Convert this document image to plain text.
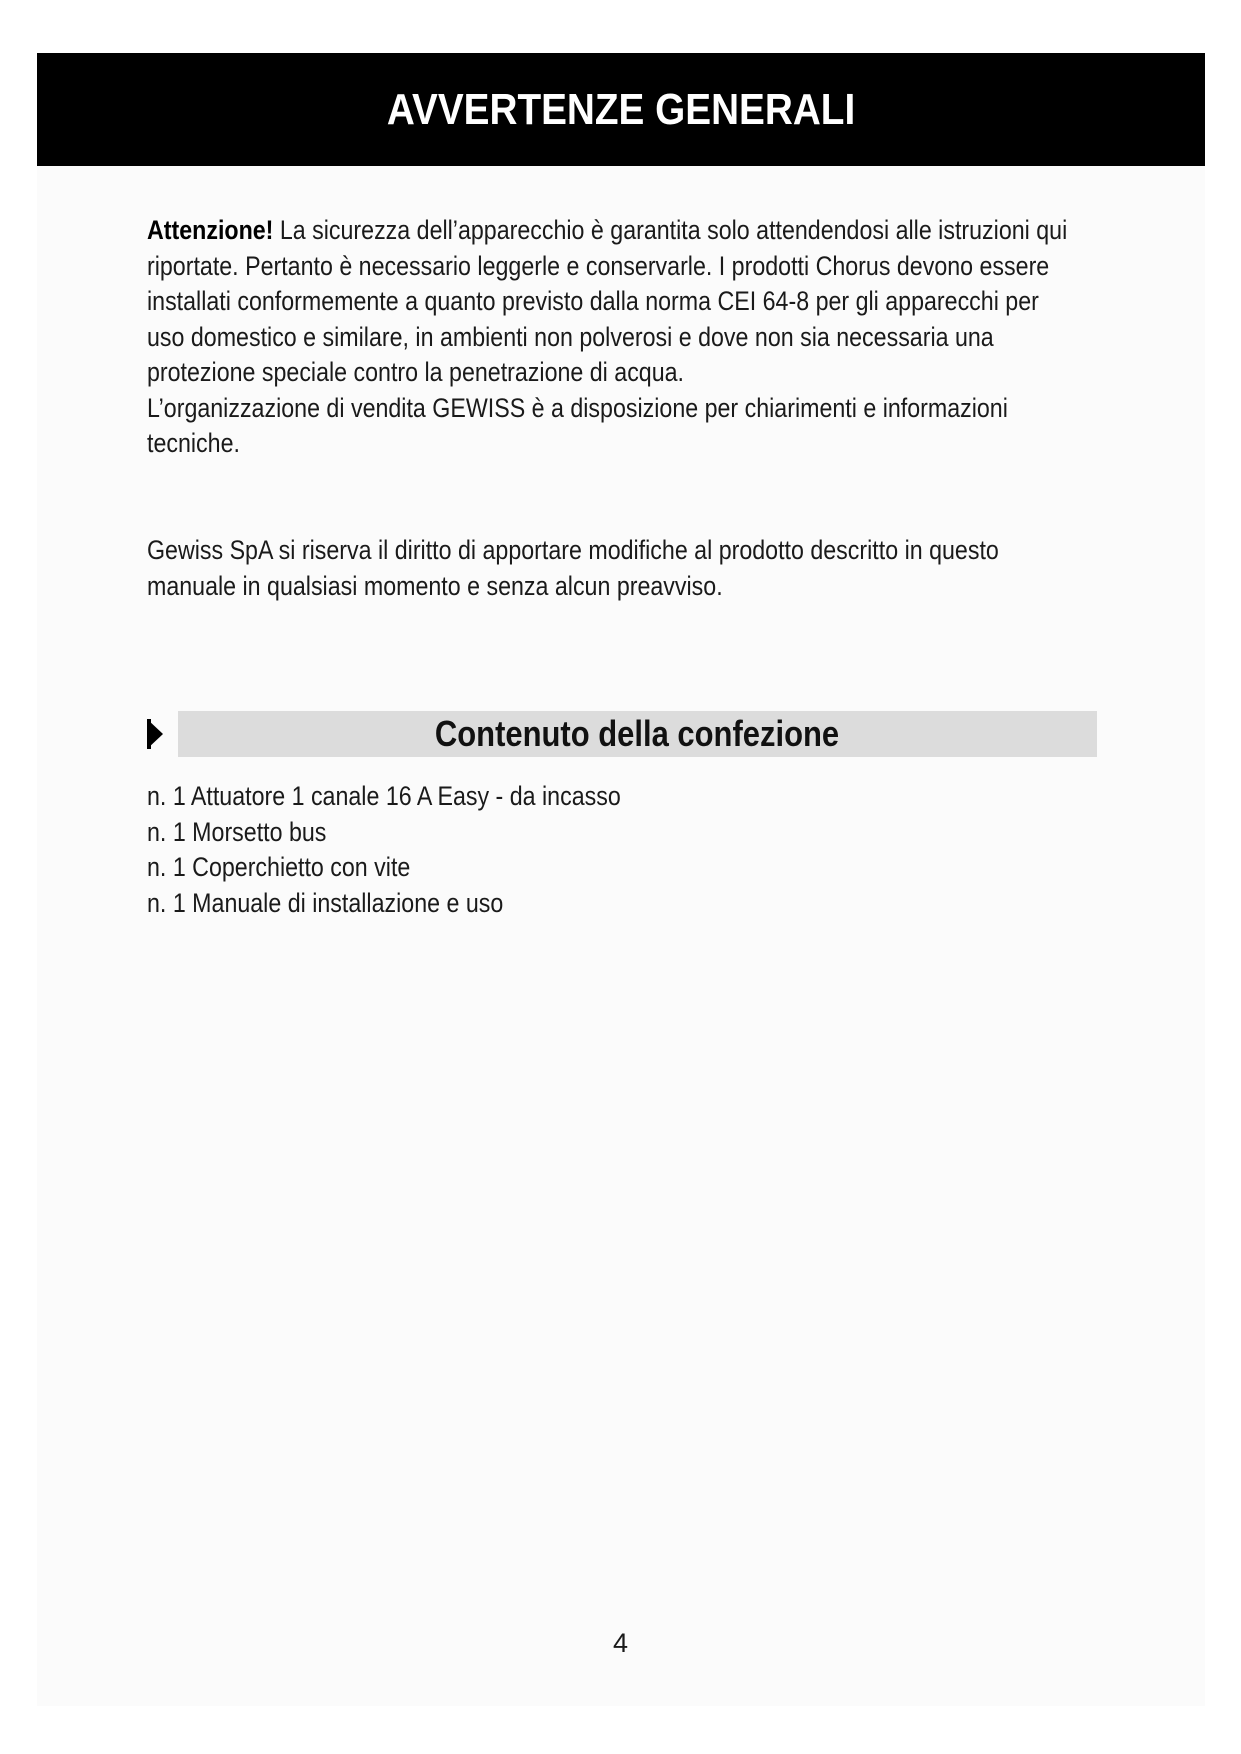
AVVERTENZE GENERALI
Attenzione! La sicurezza dell’apparecchio è garantita solo attendendosi alle istruzioni qui
riportate. Pertanto è necessario leggerle e conservarle. I prodotti Chorus devono essere
installati conformemente a quanto previsto dalla norma CEI 64-8 per gli apparecchi per
uso domestico e similare, in ambienti non polverosi e dove non sia necessaria una
protezione speciale contro la penetrazione di acqua.
L’organizzazione di vendita GEWISS è a disposizione per chiarimenti e informazioni
tecniche.
Gewiss SpA si riserva il diritto di apportare modifiche al prodotto descritto in questo
manuale in qualsiasi momento e senza alcun preavviso.
Contenuto della confezione
n. 1 Attuatore 1 canale 16 A Easy - da incasso
n. 1 Morsetto bus
n. 1 Coperchietto con vite
n. 1 Manuale di installazione e uso
4
